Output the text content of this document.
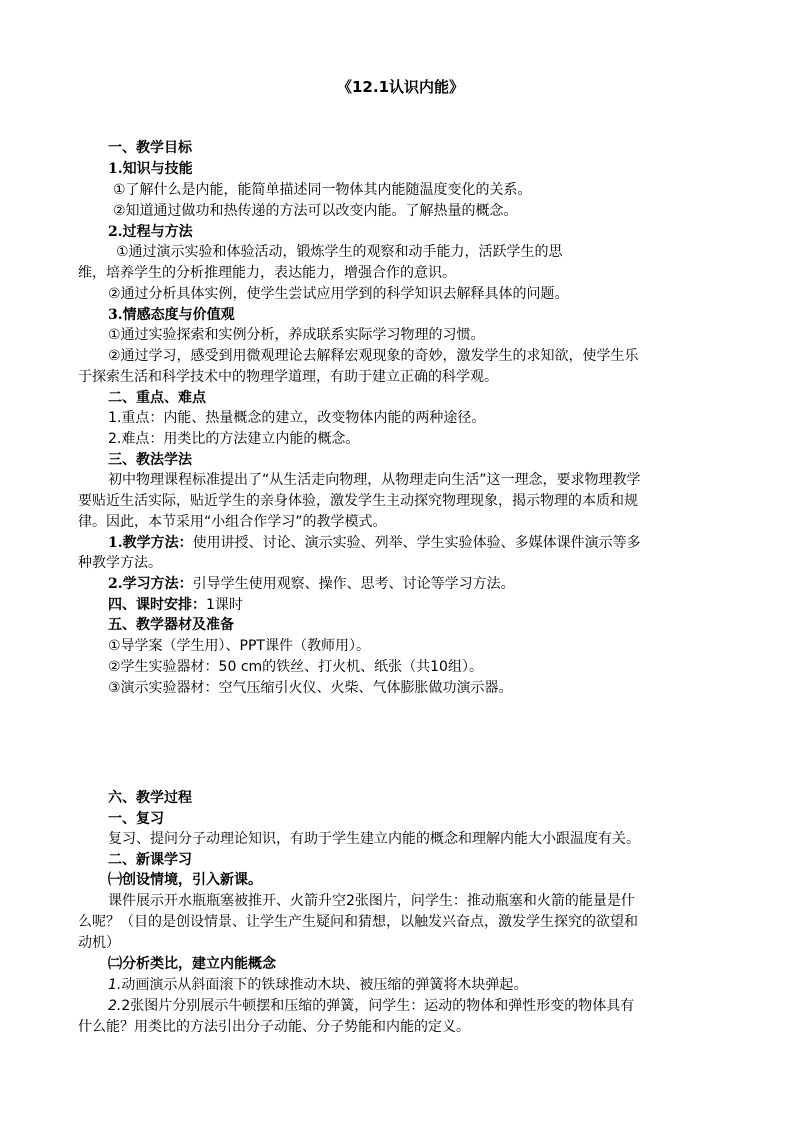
《12.1认识内能》
一、教学目标
1.知识与技能
①了解什么是内能，能简单描述同一物体其内能随温度变化的关系。
②知道通过做功和热传递的方法可以改变内能。了解热量的概念。
2.过程与方法
①通过演示实验和体验活动，锻炼学生的观察和动手能力，活跃学生的思
维，培养学生的分析推理能力，表达能力，增强合作的意识。
②通过分析具体实例，使学生尝试应用学到的科学知识去解释具体的问题。
3.情感态度与价值观
①通过实验探索和实例分析，养成联系实际学习物理的习惯。
②通过学习，感受到用微观理论去解释宏观现象的奇妙，激发学生的求知欲，使学生乐
于探索生活和科学技术中的物理学道理，有助于建立正确的科学观。
二、重点、难点
1.重点：内能、热量概念的建立，改变物体内能的两种途径。
2.难点：用类比的方法建立内能的概念。
三、教法学法
初中物理课程标准提出了“从生活走向物理，从物理走向生活”这一理念，要求物理教学
要贴近生活实际，贴近学生的亲身体验，激发学生主动探究物理现象，揭示物理的本质和规
律。因此，本节采用“小组合作学习”的教学模式。
1.教学方法：使用讲授、讨论、演示实验、列举、学生实验体验、多媒体课件演示等多
种教学方法。
2.学习方法：引导学生使用观察、操作、思考、讨论等学习方法。
四、课时安排：1课时
五、教学器材及准备
①导学案（学生用）、PPT课件（教师用）。
②学生实验器材：50 cm的铁丝、打火机、纸张（共10组）。
③演示实验器材：空气压缩引火仪、火柴、气体膨胀做功演示器。
六、教学过程
一、复习
复习、提问分子动理论知识，有助于学生建立内能的概念和理解内能大小跟温度有关。
二、新课学习
㈠创设情境，引入新课。
课件展示开水瓶瓶塞被推开、火箭升空2张图片，问学生：推动瓶塞和火箭的能量是什
么呢？（目的是创设情景、让学生产生疑问和猜想，以触发兴奋点，激发学生探究的欲望和
动机）
㈡分析类比，建立内能概念
1.动画演示从斜面滚下的铁球推动木块、被压缩的弹簧将木块弹起。
2.2张图片分别展示牛顿摆和压缩的弹簧，问学生：运动的物体和弹性形变的物体具有
什么能？用类比的方法引出分子动能、分子势能和内能的定义。
